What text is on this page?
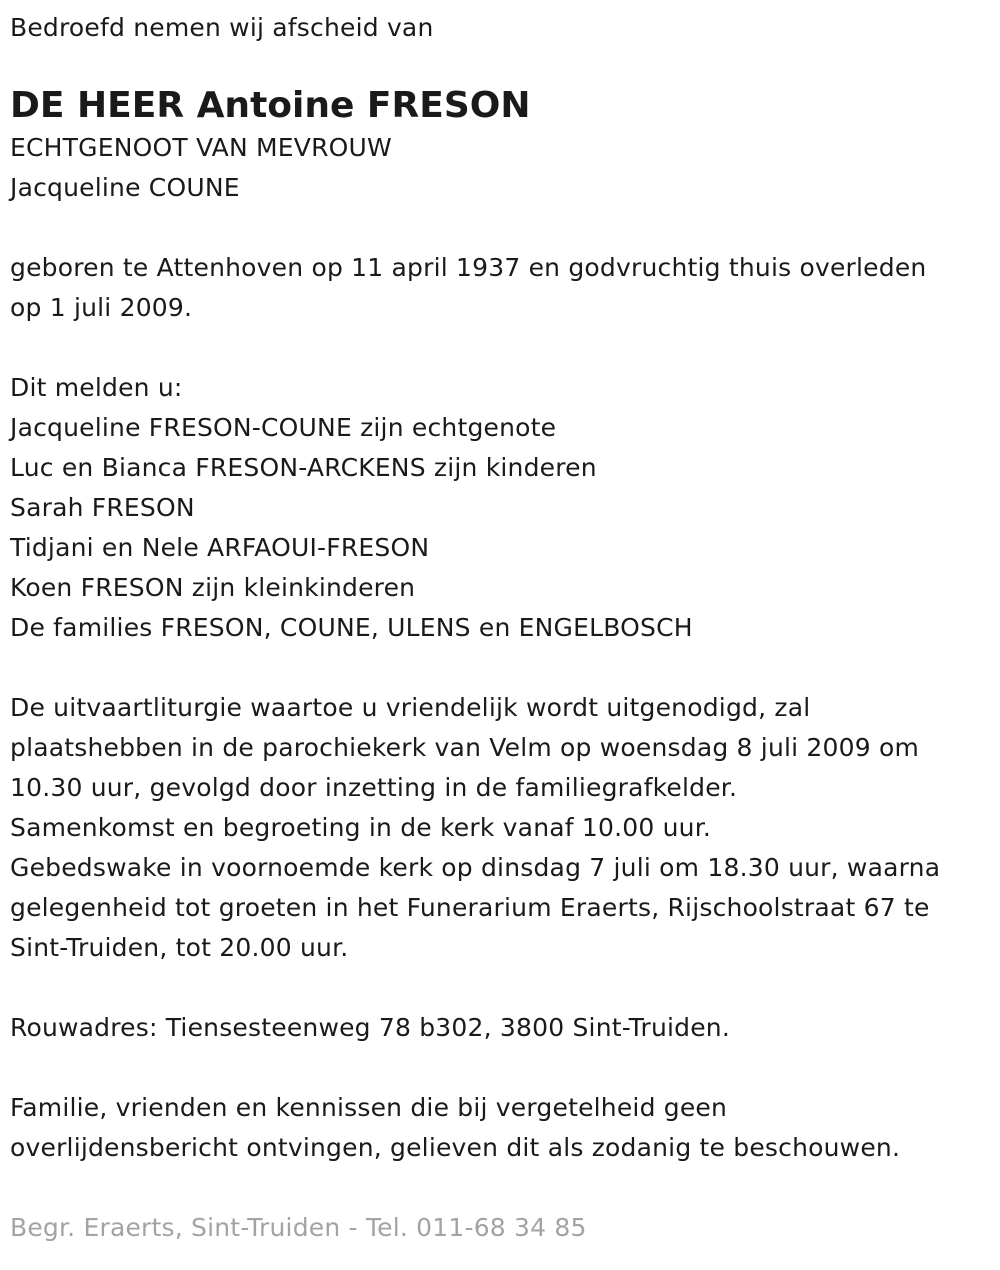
Bedroefd nemen wij afscheid van
DE HEER Antoine FRESON
ECHTGENOOT VAN MEVROUW
Jacqueline COUNE
geboren te Attenhoven op 11 april 1937 en godvruchtig thuis overleden
op 1 juli 2009.
Dit melden u:
Jacqueline FRESON-COUNE zijn echtgenote
Luc en Bianca FRESON-ARCKENS zijn kinderen
Sarah FRESON
Tidjani en Nele ARFAOUI-FRESON
Koen FRESON zijn kleinkinderen
De families FRESON, COUNE, ULENS en ENGELBOSCH
De uitvaartliturgie waartoe u vriendelijk wordt uitgenodigd, zal
plaatshebben in de parochiekerk van Velm op woensdag 8 juli 2009 om
10.30 uur, gevolgd door inzetting in de familiegrafkelder.
Samenkomst en begroeting in de kerk vanaf 10.00 uur.
Gebedswake in voornoemde kerk op dinsdag 7 juli om 18.30 uur, waarna
gelegenheid tot groeten in het Funerarium Eraerts, Rijschoolstraat 67 te
Sint-Truiden, tot 20.00 uur.
Rouwadres: Tiensesteenweg 78 b302, 3800 Sint-Truiden.
Familie, vrienden en kennissen die bij vergetelheid geen
overlijdensbericht ontvingen, gelieven dit als zodanig te beschouwen.
Begr. Eraerts, Sint-Truiden - Tel. 011-68 34 85
